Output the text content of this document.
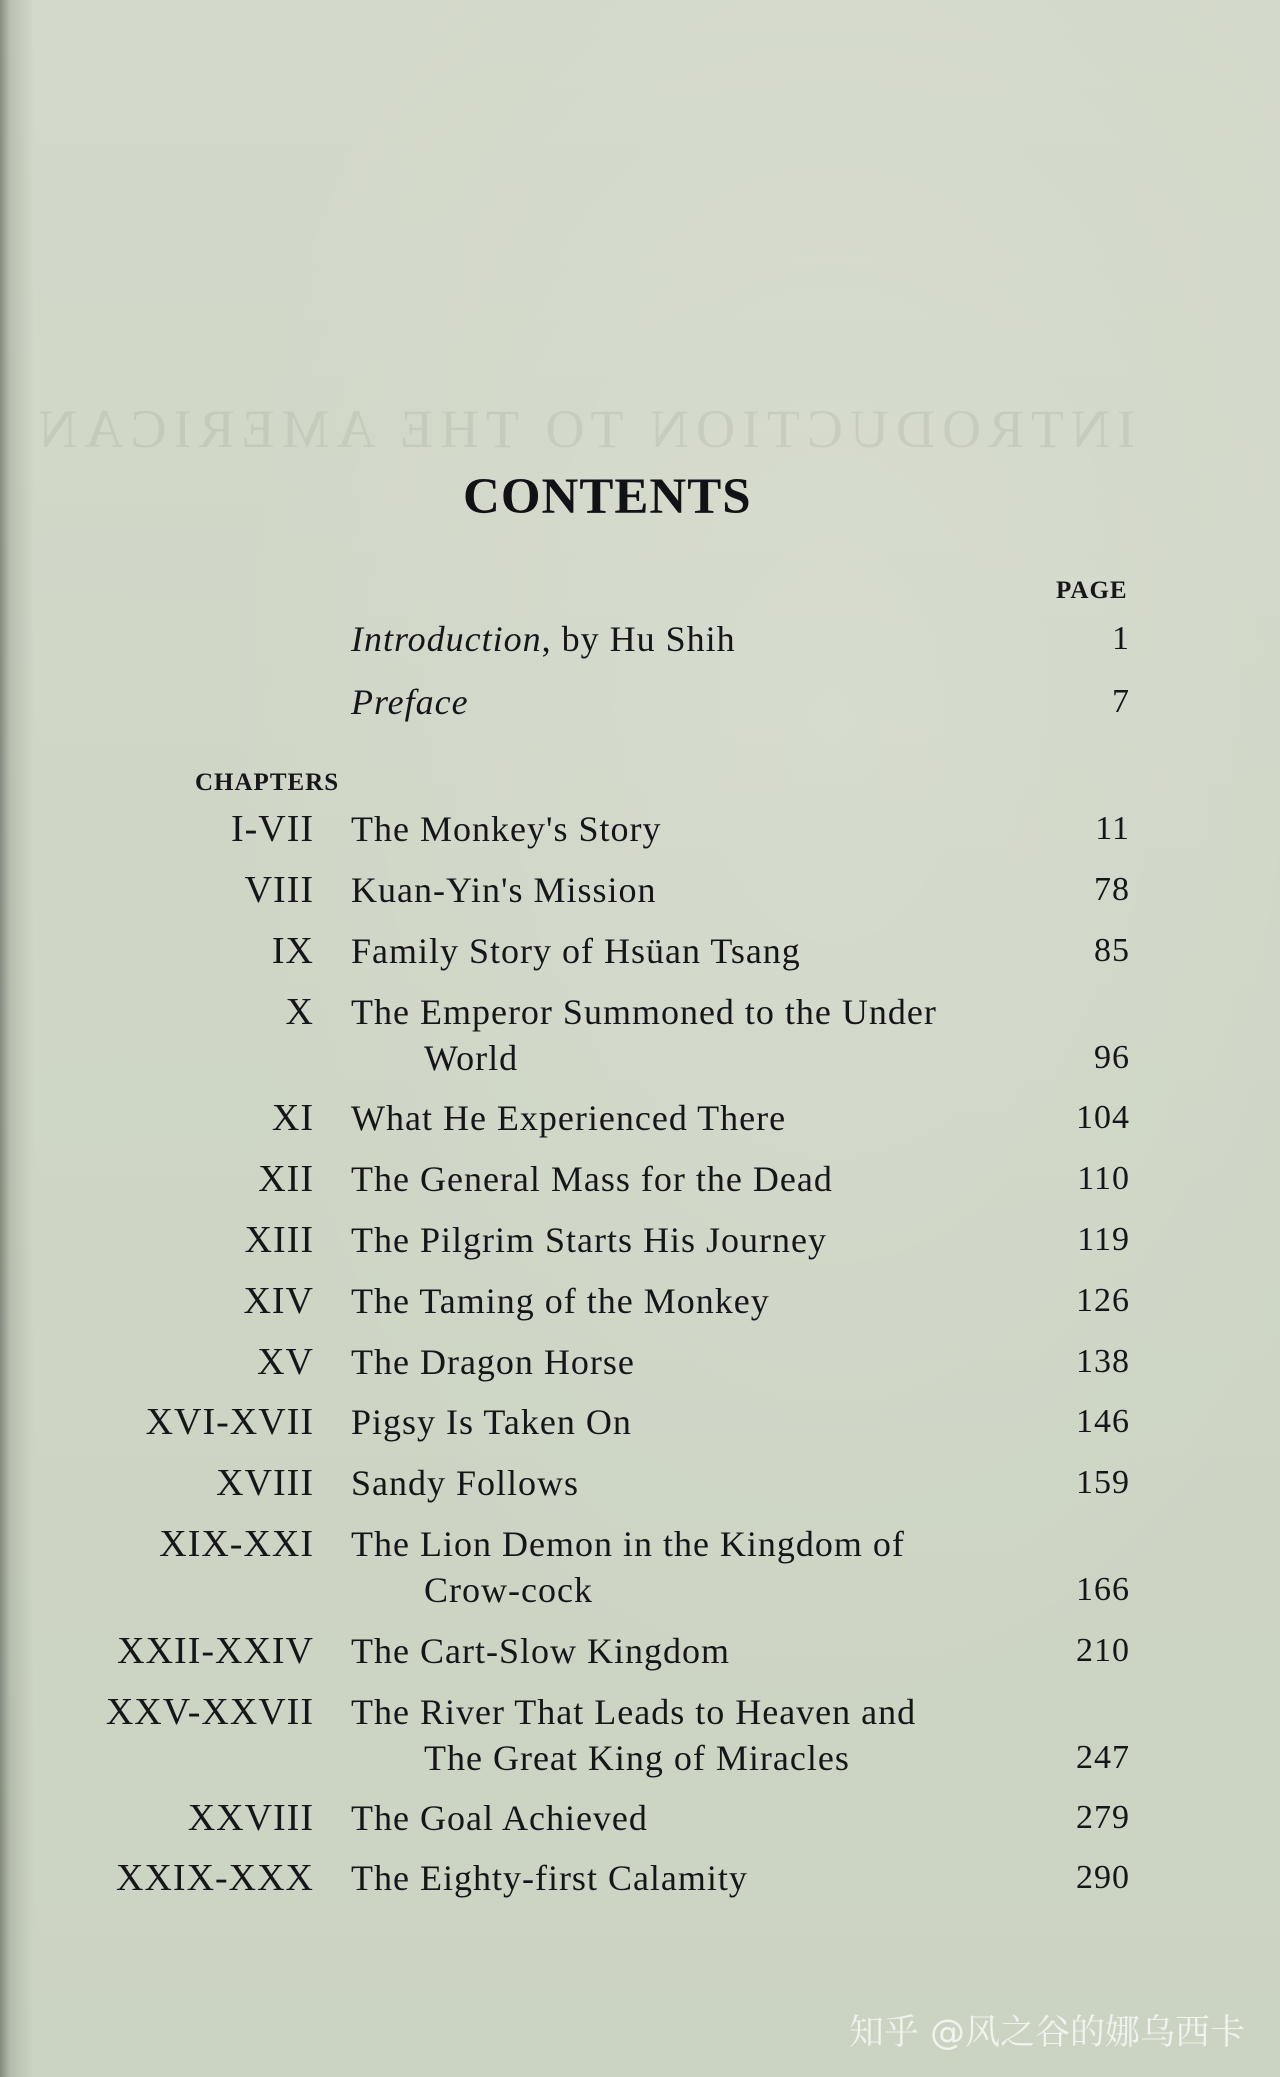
INTRODUCTION TO THE AMERICAN
CONTENTS
PAGE
Introduction, by Hu Shih	1
Preface	7
CHAPTERS
I-VII The Monkey's Story	11
VIII Kuan-Yin's Mission	78
IX Family Story of Hsüan Tsang	85
X The Emperor Summoned to the Under
World	96
XI What He Experienced There	104
XII The General Mass for the Dead	110
XIII The Pilgrim Starts His Journey	119
XIV The Taming of the Monkey	126
XV The Dragon Horse	138
XVI-XVII Pigsy Is Taken On	146
XVIII Sandy Follows	159
XIX-XXI The Lion Demon in the Kingdom of
Crow-cock	166
XXII-XXIV The Cart-Slow Kingdom	210
XXV-XXVII The River That Leads to Heaven and
The Great King of Miracles	247
XXVIII The Goal Achieved	279
XXIX-XXX The Eighty-first Calamity	290
知乎 @风之谷的娜乌西卡
